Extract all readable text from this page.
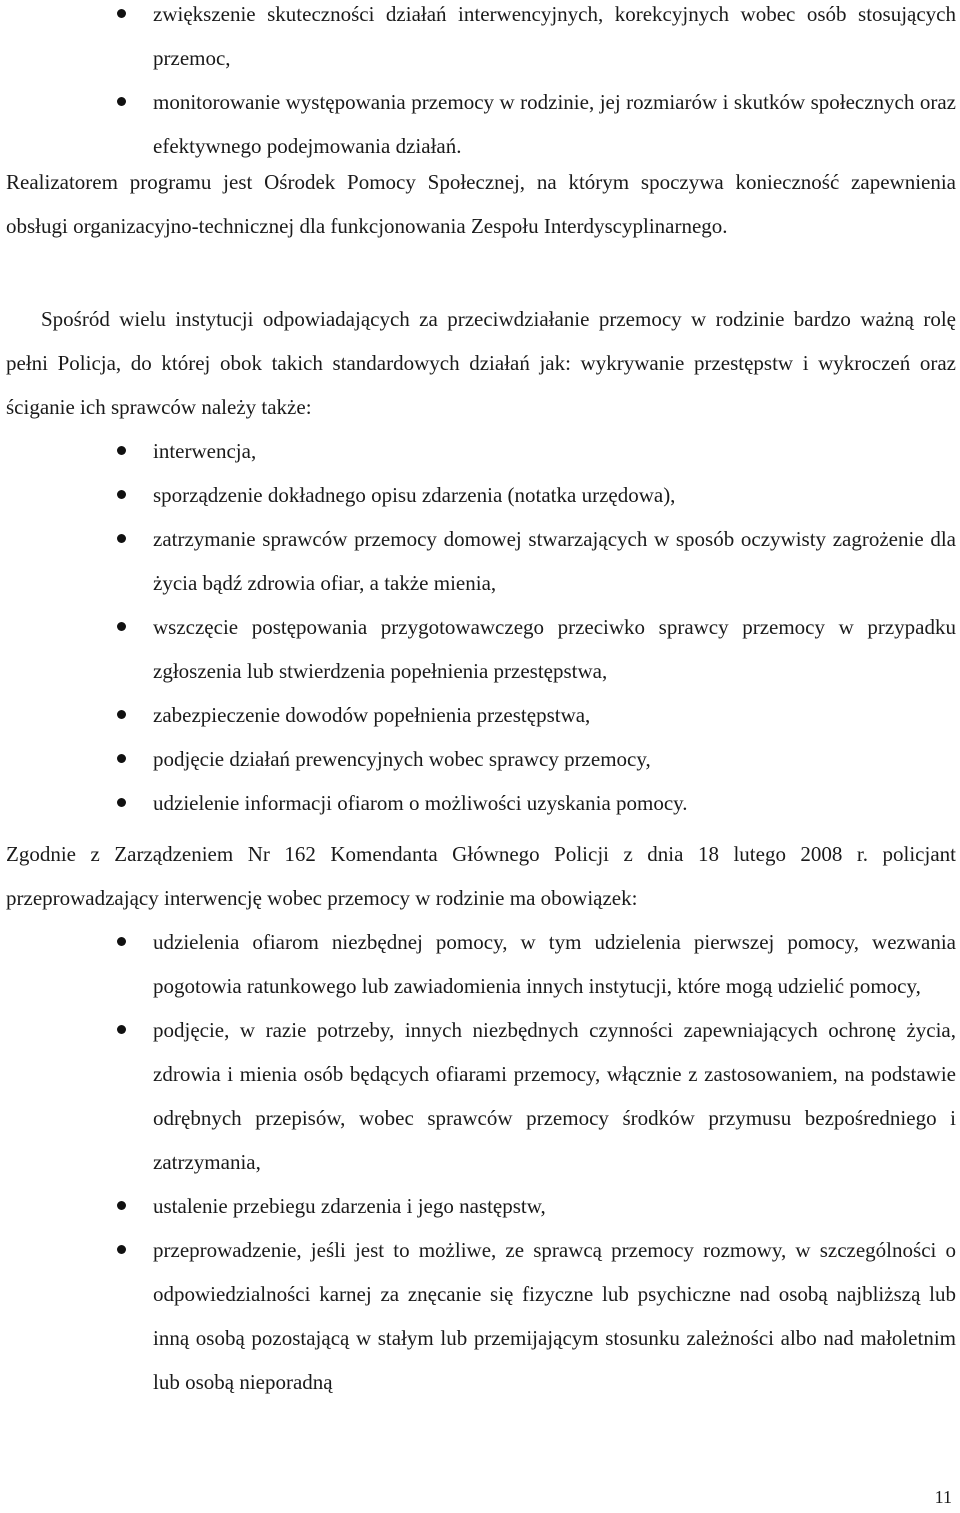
zwiększenie skuteczności działań interwencyjnych, korekcyjnych wobec osób stosujących przemoc,
monitorowanie występowania przemocy w rodzinie, jej rozmiarów i skutków społecznych oraz efektywnego podejmowania działań.

Realizatorem programu jest Ośrodek Pomocy Społecznej, na którym spoczywa konieczność zapewnienia obsługi organizacyjno-technicznej dla funkcjonowania Zespołu Interdyscyplinarnego.

Spośród wielu instytucji odpowiadających za przeciwdziałanie przemocy w rodzinie bardzo ważną rolę pełni Policja, do której obok takich standardowych działań jak: wykrywanie przestępstw i wykroczeń oraz ściganie ich sprawców należy także:

interwencja,
sporządzenie dokładnego opisu zdarzenia (notatka urzędowa),
zatrzymanie sprawców przemocy domowej stwarzających w sposób oczywisty zagrożenie dla życia bądź zdrowia ofiar, a także mienia,
wszczęcie postępowania przygotowawczego przeciwko sprawcy przemocy w przypadku zgłoszenia lub stwierdzenia popełnienia przestępstwa,
zabezpieczenie dowodów popełnienia przestępstwa,
podjęcie działań prewencyjnych wobec sprawcy przemocy,
udzielenie informacji ofiarom o możliwości uzyskania pomocy.

Zgodnie z Zarządzeniem Nr 162 Komendanta Głównego Policji z dnia 18 lutego 2008 r. policjant przeprowadzający interwencję wobec przemocy w rodzinie ma obowiązek:

udzielenia ofiarom niezbędnej pomocy, w tym udzielenia pierwszej pomocy, wezwania pogotowia ratunkowego lub zawiadomienia innych instytucji, które mogą udzielić pomocy,
podjęcie, w razie potrzeby, innych niezbędnych czynności zapewniających ochronę życia, zdrowia i mienia osób będących ofiarami przemocy, włącznie z zastosowaniem, na podstawie odrębnych przepisów, wobec sprawców przemocy środków przymusu bezpośredniego i zatrzymania,
ustalenie przebiegu zdarzenia i jego następstw,
przeprowadzenie, jeśli jest to możliwe, ze sprawcą przemocy rozmowy, w szczególności o odpowiedzialności karnej za znęcanie się fizyczne lub psychiczne nad osobą najbliższą lub inną osobą pozostającą w stałym lub przemijającym stosunku zależności albo nad małoletnim lub osobą nieporadną
11
